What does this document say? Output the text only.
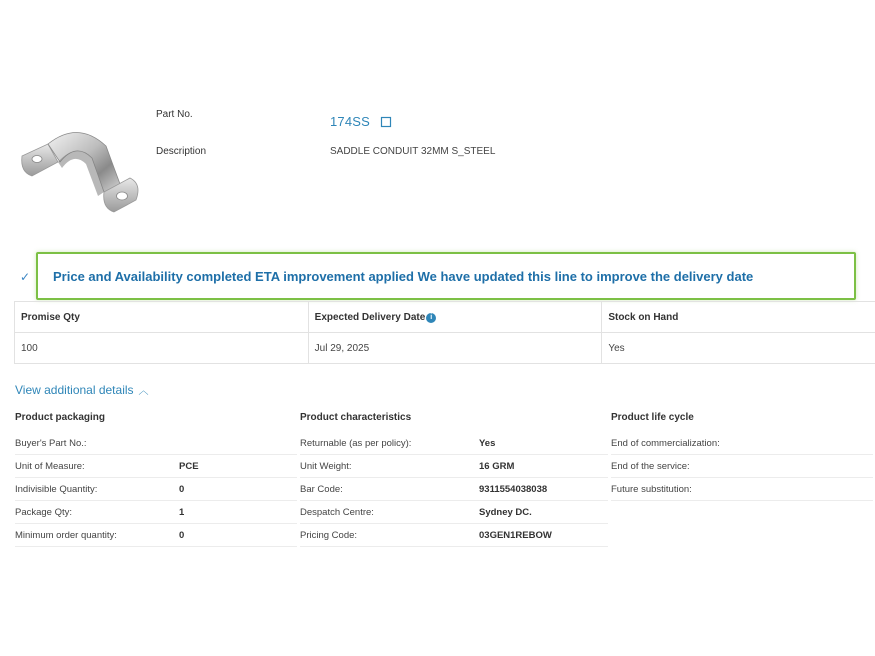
Part No.	174SS
Description	SADDLE CONDUIT 32MM S_STEEL
✓ Price and Availability completed ETA improvement applied We have updated this line to improve the delivery date
Promise Qty	Expected Delivery Date i	Stock on Hand
100	Jul 29, 2025	Yes
View additional details ︿
Product packaging
Buyer's Part No.:	
Unit of Measure:	PCE
Indivisible Quantity:	0
Package Qty:	1
Minimum order quantity:	0
Product characteristics
Returnable (as per policy):	Yes
Unit Weight:	16 GRM
Bar Code:	9311554038038
Despatch Centre:	Sydney DC.
Pricing Code:	03GEN1REBOW
Product life cycle
End of commercialization:
End of the service:
Future substitution:
